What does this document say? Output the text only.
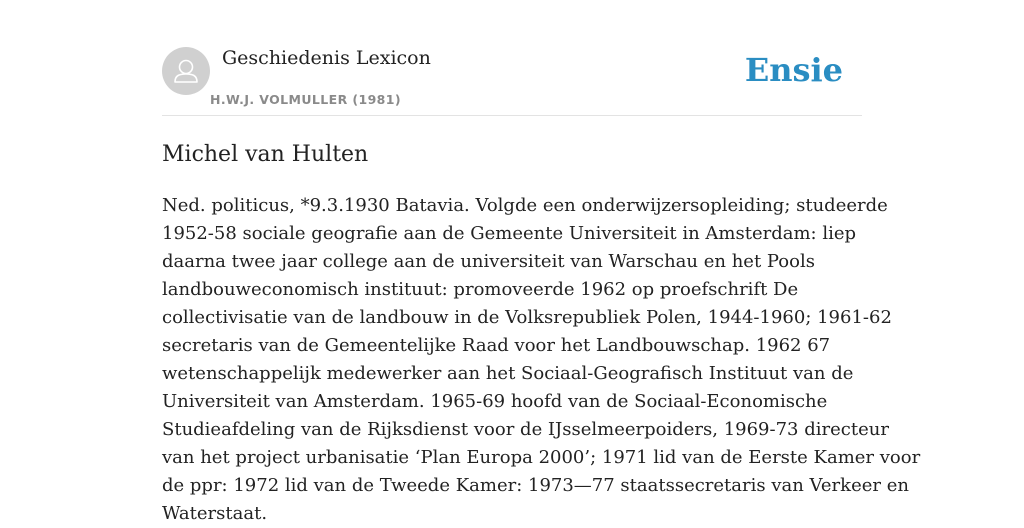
Geschiedenis Lexicon
H.W.J. VOLMULLER (1981)
Ensie
Michel van Hulten

Ned. politicus, *9.3.1930 Batavia. Volgde een onderwijzersopleiding; studeerde
1952-58 sociale geografie aan de Gemeente Universiteit in Amsterdam: liep
daarna twee jaar college aan de universiteit van Warschau en het Pools
landbouweconomisch instituut: promoveerde 1962 op proefschrift De
collectivisatie van de landbouw in de Volksrepubliek Polen, 1944-1960; 1961-62
secretaris van de Gemeentelijke Raad voor het Landbouwschap. 1962 67
wetenschappelijk medewerker aan het Sociaal-Geografisch Instituut van de
Universiteit van Amsterdam. 1965-69 hoofd van de Sociaal-Economische
Studieafdeling van de Rijksdienst voor de IJsselmeerpoiders, 1969-73 directeur
van het project urbanisatie ‘Plan Europa 2000’; 1971 lid van de Eerste Kamer voor
de ppr: 1972 lid van de Tweede Kamer: 1973—77 staatssecretaris van Verkeer en
Waterstaat.
